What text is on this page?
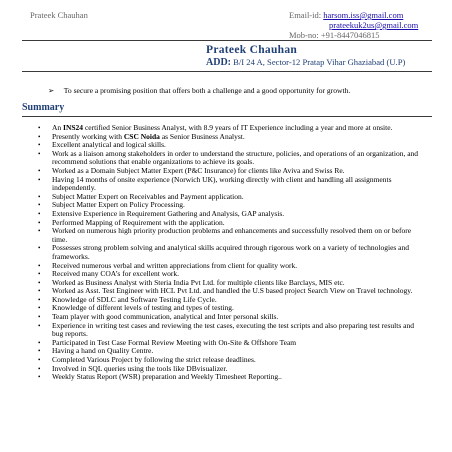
Prateek Chauhan	Email-id: harsom.iss@gmail.com
prateekuk2us@gmail.com
Mob-no: +91-8447046815
Prateek Chauhan
ADD: B/I 24 A, Sector-12 Pratap Vihar Ghaziabad (U.P)
➢ To secure a promising position that offers both a challenge and a good opportunity for growth.
Summary
• An INS24 certified Senior Business Analyst, with 8.9 years of IT Experience including a year and more at onsite.
• Presently working with CSC Noida as Senior Business Analyst.
• Excellent analytical and logical skills.
• Work as a liaison among stakeholders in order to understand the structure, policies, and operations of an organization, and recommend solutions that enable organizations to achieve its goals.
• Worked as a Domain Subject Matter Expert (P&C Insurance) for clients like Aviva and Swiss Re.
• Having 14 months of onsite experience (Norwich UK), working directly with client and handling all assignments independently.
• Subject Matter Expert on Receivables and Payment application.
• Subject Matter Expert on Policy Processing.
• Extensive Experience in Requirement Gathering and Analysis, GAP analysis.
• Performed Mapping of Requirement with the application.
• Worked on numerous high priority production problems and enhancements and successfully resolved them on or before time.
• Possesses strong problem solving and analytical skills acquired through rigorous work on a variety of technologies and frameworks.
• Received numerous verbal and written appreciations from client for quality work.
• Received many COA’s for excellent work.
• Worked as Business Analyst with Steria India Pvt Ltd. for multiple clients like Barclays, MIS etc.
• Worked as Asst. Test Engineer with HCL Pvt Ltd. and handled the U.S based project Search View on Travel technology.
• Knowledge of SDLC and Software Testing Life Cycle.
• Knowledge of different levels of testing and types of testing.
• Team player with good communication, analytical and Inter personal skills.
• Experience in writing test cases and reviewing the test cases, executing the test scripts and also preparing test results and bug reports.
• Participated in Test Case Formal Review Meeting with On-Site & Offshore Team
• Having a hand on Quality Centre.
• Completed Various Project by following the strict release deadlines.
• Involved in SQL queries using the tools like DBvisualizer.
• Weekly Status Report (WSR) preparation and Weekly Timesheet Reporting..
